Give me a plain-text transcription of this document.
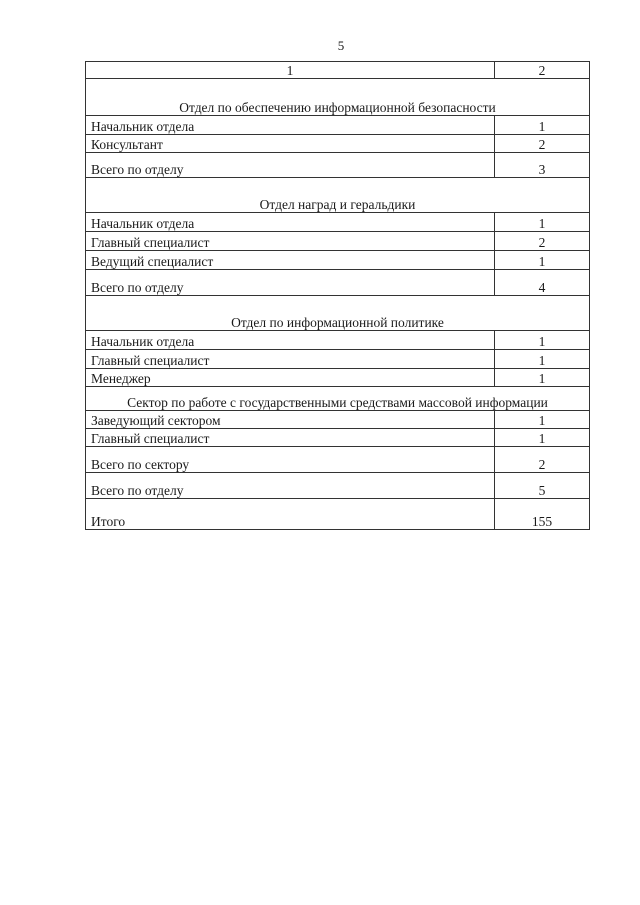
5
1	2
Отдел по обеспечению информационной безопасности	
Начальник отдела	1
Консультант	2
Всего по отделу	3
Отдел наград и геральдики	
Начальник отдела	1
Главный специалист	2
Ведущий специалист	1
Всего по отделу	4
Отдел по информационной политике	
Начальник отдела	1
Главный специалист	1
Менеджер	1
Сектор по работе с государственными средствами массовой информации	
Заведующий сектором	1
Главный специалист	1
Всего по сектору	2
Всего по отделу	5
Итого	155
